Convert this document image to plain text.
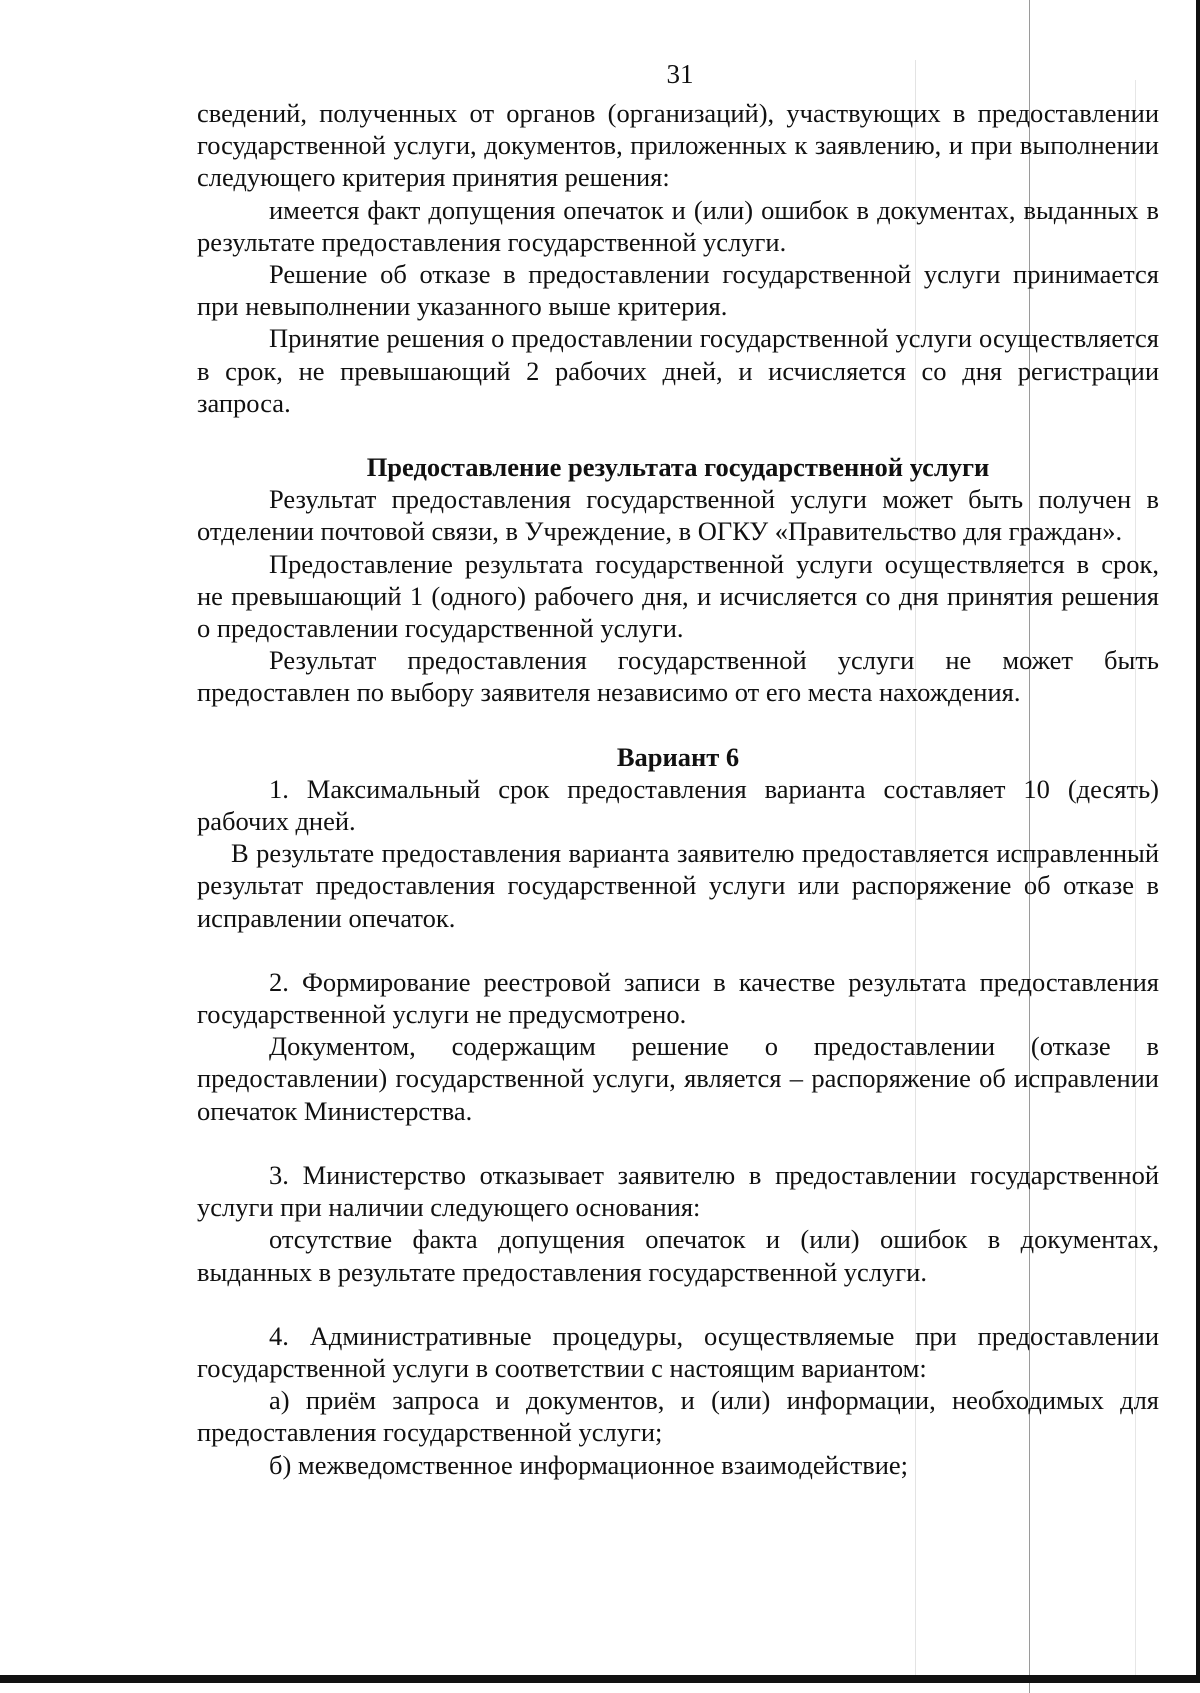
31

сведений, полученных от органов (организаций), участвующих в предоставлении государственной услуги, документов, приложенных к заявлению, и при выполнении следующего критерия принятия решения:

имеется факт допущения опечаток и (или) ошибок в документах, выданных в результате предоставления государственной услуги.

Решение об отказе в предоставлении государственной услуги принимается при невыполнении указанного выше критерия.

Принятие решения о предоставлении государственной услуги осуществляется в срок, не превышающий 2 рабочих дней, и исчисляется со дня регистрации запроса.

Предоставление результата государственной услуги

Результат предоставления государственной услуги может быть получен в отделении почтовой связи, в Учреждение, в ОГКУ «Правительство для граждан».

Предоставление результата государственной услуги осуществляется в срок, не превышающий 1 (одного) рабочего дня, и исчисляется со дня принятия решения о предоставлении государственной услуги.

Результат предоставления государственной услуги не может быть предоставлен по выбору заявителя независимо от его места нахождения.

Вариант 6

1. Максимальный срок предоставления варианта составляет 10 (десять) рабочих дней.

В результате предоставления варианта заявителю предоставляется исправленный результат предоставления государственной услуги или распоряжение об отказе в исправлении опечаток.

2. Формирование реестровой записи в качестве результата предоставления государственной услуги не предусмотрено.

Документом, содержащим решение о предоставлении (отказе в предоставлении) государственной услуги, является – распоряжение об исправлении опечаток Министерства.

3. Министерство отказывает заявителю в предоставлении государственной услуги при наличии следующего основания:

отсутствие факта допущения опечаток и (или) ошибок в документах, выданных в результате предоставления государственной услуги.

4. Административные процедуры, осуществляемые при предоставлении государственной услуги в соответствии с настоящим вариантом:

а) приём запроса и документов, и (или) информации, необходимых для предоставления государственной услуги;

б) межведомственное информационное взаимодействие;
